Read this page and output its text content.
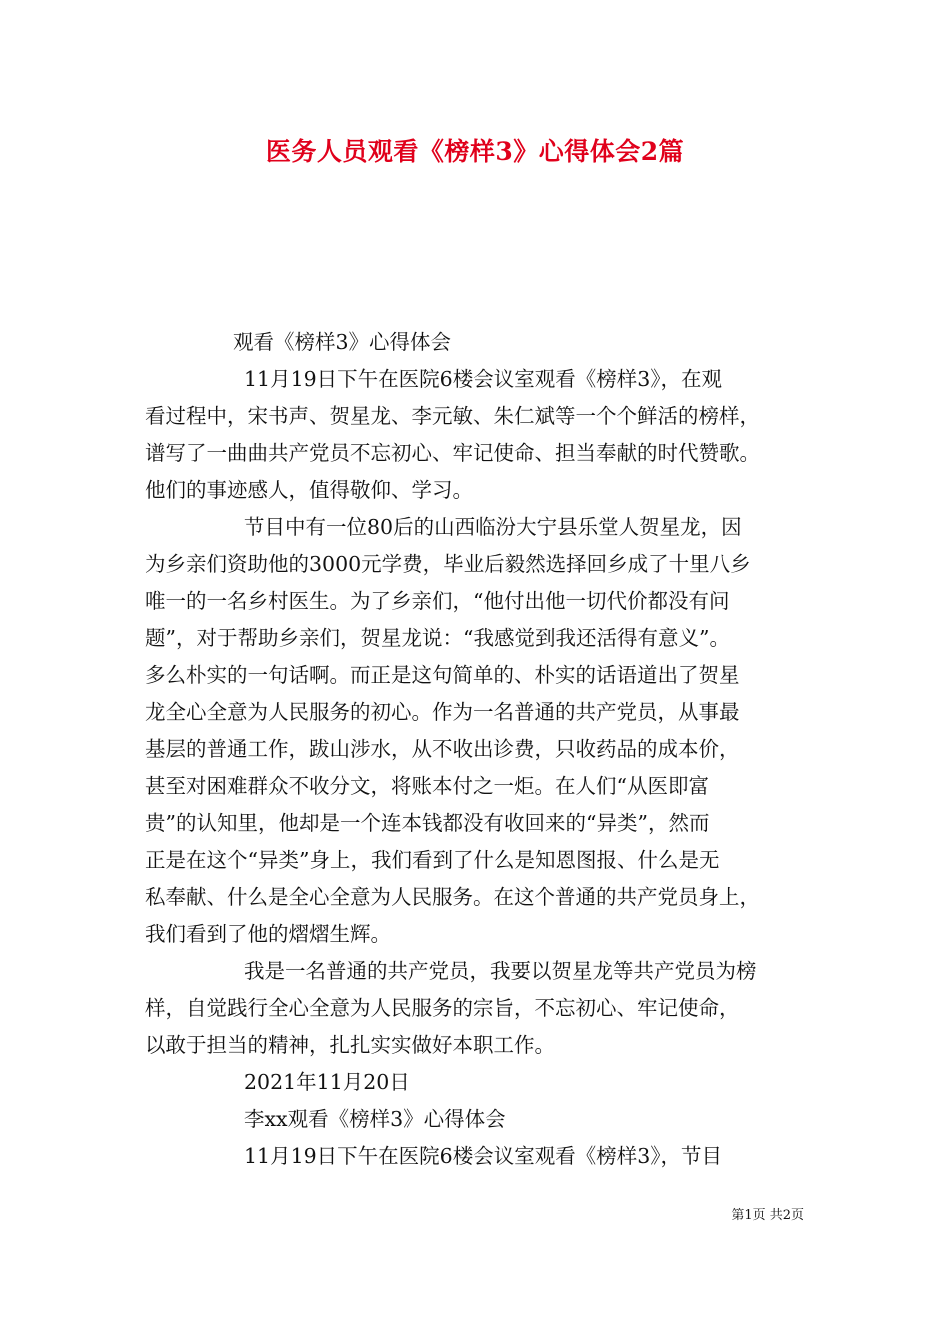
医务人员观看《榜样3》心得体会2篇
观看《榜样3》心得体会
11月19日下午在医院6楼会议室观看《榜样3》，在观
看过程中，宋书声、贺星龙、李元敏、朱仁斌等一个个鲜活的榜样，
谱写了一曲曲共产党员不忘初心、牢记使命、担当奉献的时代赞歌。
他们的事迹感人，值得敬仰、学习。
节目中有一位80后的山西临汾大宁县乐堂人贺星龙，因
为乡亲们资助他的3000元学费，毕业后毅然选择回乡成了十里八乡
唯一的一名乡村医生。为了乡亲们，“他付出他一切代价都没有问
题”，对于帮助乡亲们，贺星龙说：“我感觉到我还活得有意义”。
多么朴实的一句话啊。而正是这句简单的、朴实的话语道出了贺星
龙全心全意为人民服务的初心。作为一名普通的共产党员，从事最
基层的普通工作，跋山涉水，从不收出诊费，只收药品的成本价，
甚至对困难群众不收分文，将账本付之一炬。在人们“从医即富
贵”的认知里，他却是一个连本钱都没有收回来的“异类”，然而
正是在这个“异类”身上，我们看到了什么是知恩图报、什么是无
私奉献、什么是全心全意为人民服务。在这个普通的共产党员身上，
我们看到了他的熠熠生辉。
我是一名普通的共产党员，我要以贺星龙等共产党员为榜
样，自觉践行全心全意为人民服务的宗旨，不忘初心、牢记使命，
以敢于担当的精神，扎扎实实做好本职工作。
2021年11月20日
李xx观看《榜样3》心得体会
11月19日下午在医院6楼会议室观看《榜样3》，节目
第1页 共2页
